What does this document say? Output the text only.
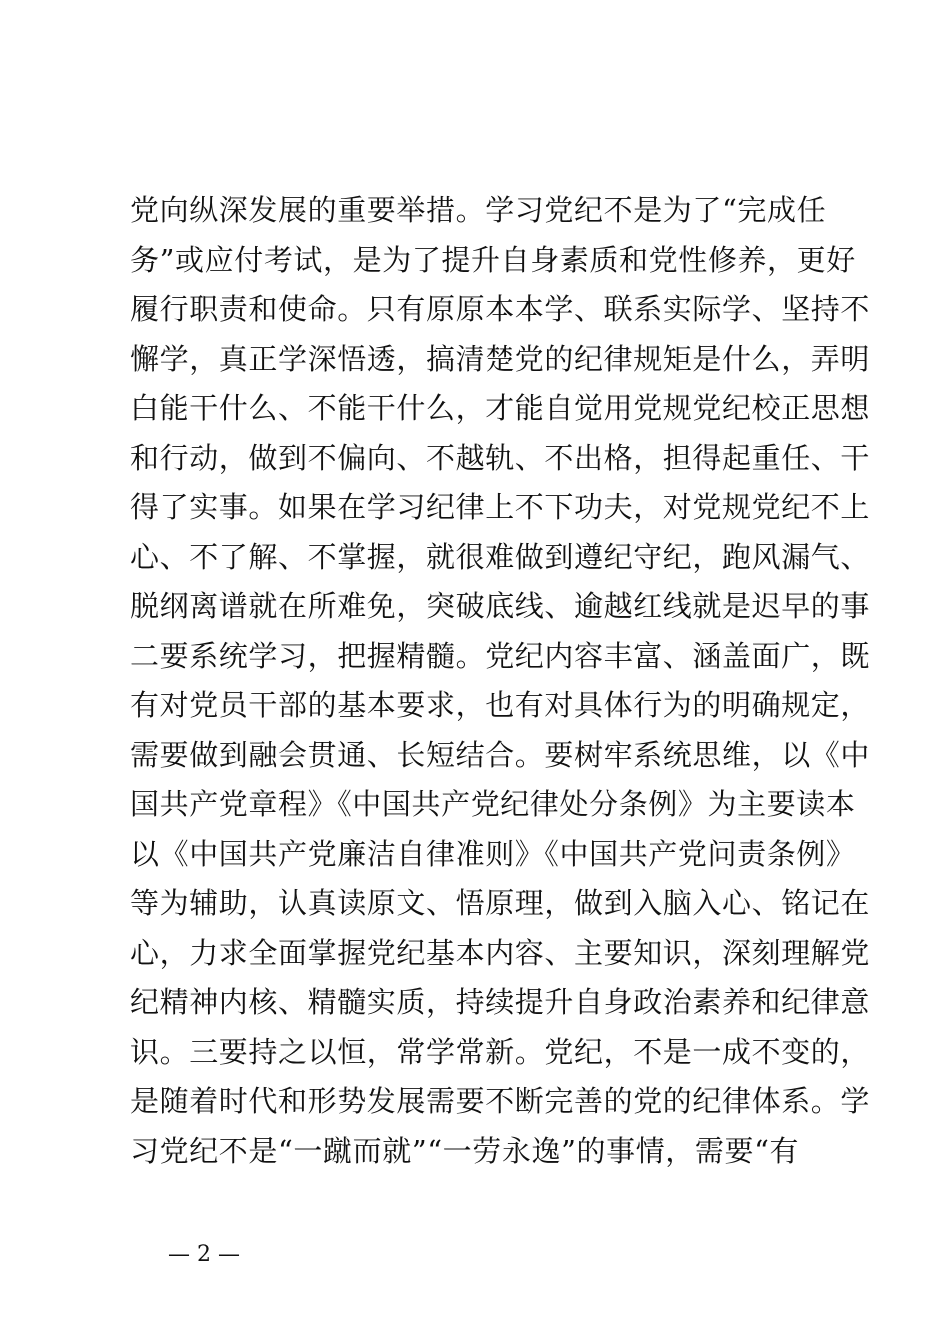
党向纵深发展的重要举措。学习党纪不是为了“完成任
务”或应付考试，是为了提升自身素质和党性修养，更好
履行职责和使命。只有原原本本学、联系实际学、坚持不
懈学，真正学深悟透，搞清楚党的纪律规矩是什么，弄明
白能干什么、不能干什么，才能自觉用党规党纪校正思想
和行动，做到不偏向、不越轨、不出格，担得起重任、干
得了实事。如果在学习纪律上不下功夫，对党规党纪不上
心、不了解、不掌握，就很难做到遵纪守纪，跑风漏气、
脱纲离谱就在所难免，突破底线、逾越红线就是迟早的事
二要系统学习，把握精髓。党纪内容丰富、涵盖面广，既
有对党员干部的基本要求，也有对具体行为的明确规定，
需要做到融会贯通、长短结合。要树牢系统思维，以《中
国共产党章程》《中国共产党纪律处分条例》为主要读本
以《中国共产党廉洁自律准则》《中国共产党问责条例》
等为辅助，认真读原文、悟原理，做到入脑入心、铭记在
心，力求全面掌握党纪基本内容、主要知识，深刻理解党
纪精神内核、精髓实质，持续提升自身政治素养和纪律意
识。三要持之以恒，常学常新。党纪，不是一成不变的，
是随着时代和形势发展需要不断完善的党的纪律体系。学
习党纪不是“一蹴而就”“一劳永逸”的事情，需要“有
— 2 —
